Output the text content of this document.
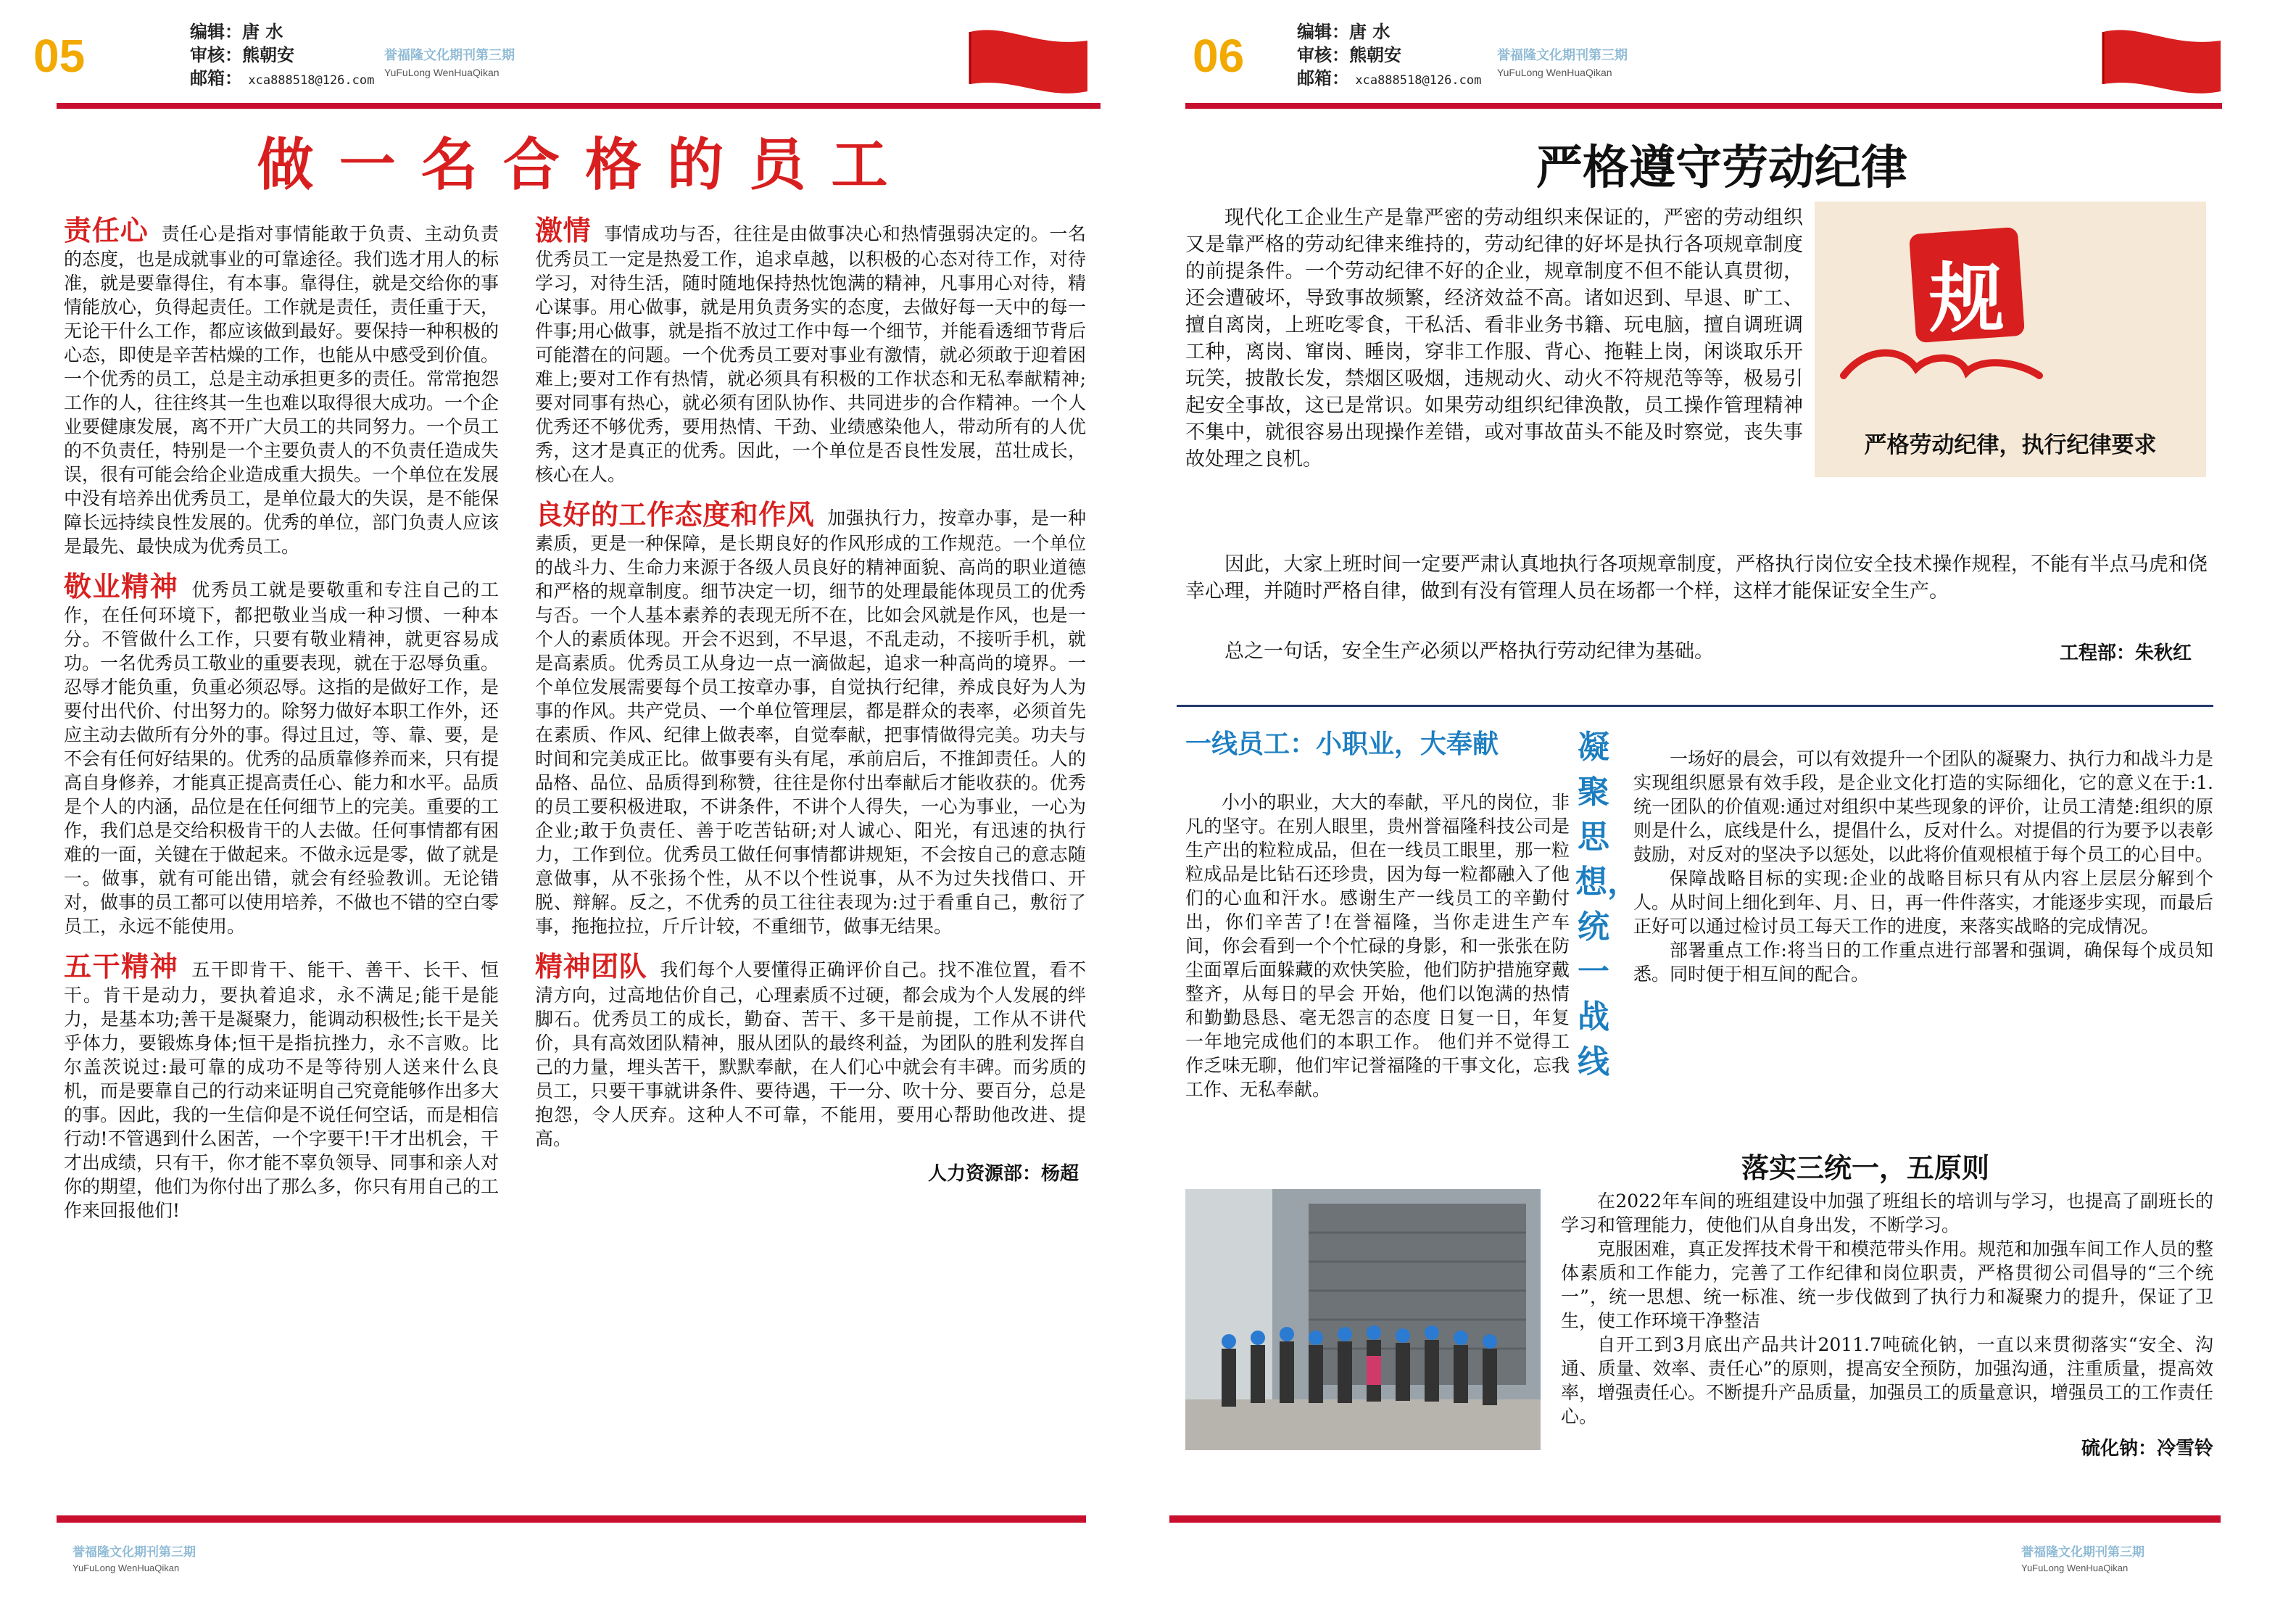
05	编辑：唐 水
审核：熊朝安
邮箱： xca888518@126.com
誉福隆文化期刊第三期
YuFuLong WenHuaQikan
做 一 名 合 格 的 员 工
责任心 责任心是指对事情能敢于负责、主动负责的态度，也是成就事业的可靠途径。我们选才用人的标准，就是要靠得住，有本事。靠得住，就是交给你的事情能放心，负得起责任。工作就是责任，责任重于天，无论干什么工作，都应该做到最好。要保持一种积极的心态，即使是辛苦枯燥的工作，也能从中感受到价值。一个优秀的员工，总是主动承担更多的责任。常常抱怨工作的人，往往终其一生也难以取得很大成功。一个企业要健康发展，离不开广大员工的共同努力。一个员工的不负责任，特别是一个主要负责人的不负责任造成失误，很有可能会给企业造成重大损失。一个单位在发展中没有培养出优秀员工，是单位最大的失误，是不能保障长远持续良性发展的。优秀的单位，部门负责人应该是最先、最快成为优秀员工。
敬业精神 优秀员工就是要敬重和专注自己的工作，在任何环境下，都把敬业当成一种习惯、一种本分。不管做什么工作，只要有敬业精神，就更容易成功。一名优秀员工敬业的重要表现，就在于忍辱负重。忍辱才能负重，负重必须忍辱。这指的是做好工作，是要付出代价、付出努力的。除努力做好本职工作外，还应主动去做所有分外的事。得过且过，等、靠、要，是不会有任何好结果的。优秀的品质靠修养而来，只有提高自身修养，才能真正提高责任心、能力和水平。品质是个人的内涵，品位是在任何细节上的完美。重要的工作，我们总是交给积极肯干的人去做。任何事情都有困难的一面，关键在于做起来。不做永远是零，做了就是一。做事，就有可能出错，就会有经验教训。无论错对，做事的员工都可以使用培养，不做也不错的空白零员工，永远不能使用。
五干精神 五干即肯干、能干、善干、长干、恒干。肯干是动力，要执着追求，永不满足;能干是能力，是基本功;善干是凝聚力，能调动积极性;长干是关乎体力，要锻炼身体;恒干是指抗挫力，永不言败。比尔盖茨说过:最可靠的成功不是等待别人送来什么良机，而是要靠自己的行动来证明自己究竟能够作出多大的事。因此，我的一生信仰是不说任何空话，而是相信行动!不管遇到什么困苦，一个字要干!干才出机会，干才出成绩，只有干，你才能不辜负领导、同事和亲人对你的期望，他们为你付出了那么多，你只有用自己的工作来回报他们!
激情 事情成功与否，往往是由做事决心和热情强弱决定的。一名优秀员工一定是热爱工作，追求卓越，以积极的心态对待工作，对待学习，对待生活，随时随地保持热忱饱满的精神，凡事用心对待，精心谋事。用心做事，就是用负责务实的态度，去做好每一天中的每一件事;用心做事，就是指不放过工作中每一个细节，并能看透细节背后可能潜在的问题。一个优秀员工要对事业有激情，就必须敢于迎着困难上;要对工作有热情，就必须具有积极的工作状态和无私奉献精神;要对同事有热心，就必须有团队协作、共同进步的合作精神。一个人优秀还不够优秀，要用热情、干劲、业绩感染他人，带动所有的人优秀，这才是真正的优秀。因此，一个单位是否良性发展，茁壮成长，核心在人。
良好的工作态度和作风 加强执行力，按章办事，是一种素质，更是一种保障，是长期良好的作风形成的工作规范。一个单位的战斗力、生命力来源于各级人员良好的精神面貌、高尚的职业道德和严格的规章制度。细节决定一切，细节的处理最能体现员工的优秀与否。一个人基本素养的表现无所不在，比如会风就是作风，也是一个人的素质体现。开会不迟到，不早退，不乱走动，不接听手机，就是高素质。优秀员工从身边一点一滴做起，追求一种高尚的境界。一个单位发展需要每个员工按章办事，自觉执行纪律，养成良好为人为事的作风。共产党员、一个单位管理层，都是群众的表率，必须首先在素质、作风、纪律上做表率，自觉奉献，把事情做得完美。功夫与时间和完美成正比。做事要有头有尾，承前启后，不推卸责任。人的品格、品位、品质得到称赞，往往是你付出奉献后才能收获的。优秀的员工要积极进取，不讲条件，不讲个人得失，一心为事业，一心为企业;敢于负责任、善于吃苦钻研;对人诚心、阳光，有迅速的执行力，工作到位。优秀员工做任何事情都讲规矩，不会按自己的意志随意做事，从不张扬个性，从不以个性说事，从不为过失找借口、开脱、辩解。反之，不优秀的员工往往表现为:过于看重自己，敷衍了事，拖拖拉拉，斤斤计较，不重细节，做事无结果。
精神团队 我们每个人要懂得正确评价自己。找不准位置，看不清方向，过高地估价自己，心理素质不过硬，都会成为个人发展的绊脚石。优秀员工的成长，勤奋、苦干、多干是前提，工作从不讲代价，具有高效团队精神，服从团队的最终利益，为团队的胜利发挥自己的力量，埋头苦干，默默奉献，在人们心中就会有丰碑。而劣质的员工，只要干事就讲条件、要待遇，干一分、吹十分、要百分，总是抱怨，令人厌弃。这种人不可靠，不能用，要用心帮助他改进、提高。
人力资源部：杨超
誉福隆文化期刊第三期
YuFuLong WenHuaQikan
06	编辑：唐 水
审核：熊朝安
邮箱： xca888518@126.com
誉福隆文化期刊第三期
YuFuLong WenHuaQikan
严格遵守劳动纪律
规
严格劳动纪律，执行纪律要求
现代化工企业生产是靠严密的劳动组织来保证的，严密的劳动组织又是靠严格的劳动纪律来维持的，劳动纪律的好坏是执行各项规章制度的前提条件。一个劳动纪律不好的企业，规章制度不但不能认真贯彻，还会遭破坏，导致事故频繁，经济效益不高。诸如迟到、早退、旷工、擅自离岗，上班吃零食，干私活、看非业务书籍、玩电脑，擅自调班调工种，离岗、窜岗、睡岗，穿非工作服、背心、拖鞋上岗，闲谈取乐开玩笑，披散长发，禁烟区吸烟，违规动火、动火不符规范等等，极易引起安全事故，这已是常识。如果劳动组织纪律涣散，员工操作管理精神不集中，就很容易出现操作差错，或对事故苗头不能及时察觉，丧失事故处理之良机。
因此，大家上班时间一定要严肃认真地执行各项规章制度，严格执行岗位安全技术操作规程，不能有半点马虎和侥幸心理，并随时严格自律，做到有没有管理人员在场都一个样，这样才能保证安全生产。
总之一句话，安全生产必须以严格执行劳动纪律为基础。	工程部：朱秋红
一线员工：小职业，大奉献
小小的职业，大大的奉献，平凡的岗位，非凡的坚守。在别人眼里，贵州誉福隆科技公司是生产出的粒粒成品，但在一线员工眼里，那一粒粒成品是比钻石还珍贵，因为每一粒都融入了他们的心血和汗水。感谢生产一线员工的辛勤付出，你们辛苦了!在誉福隆，当你走进生产车间，你会看到一个个忙碌的身影，和一张张在防尘面罩后面躲藏的欢快笑脸，他们防护措施穿戴整齐，从每日的早会 开始，他们以饱满的热情和勤勤恳恳、毫无怨言的态度 日复一日，年复一年地完成他们的本职工作。 他们并不觉得工作乏味无聊，他们牢记誉福隆的干事文化，忘我工作、无私奉献。
凝聚思想，统一战线
一场好的晨会，可以有效提升一个团队的凝聚力、执行力和战斗力是实现组织愿景有效手段，是企业文化打造的实际细化，它的意义在于:1.统一团队的价值观:通过对组织中某些现象的评价，让员工清楚:组织的原则是什么，底线是什么，提倡什么，反对什么。对提倡的行为要予以表彰鼓励，对反对的坚决予以惩处，以此将价值观根植于每个员工的心目中。
保障战略目标的实现:企业的战略目标只有从内容上层层分解到个人。从时间上细化到年、月、日，再一件件落实，才能逐步实现，而最后正好可以通过检讨员工每天工作的进度，来落实战略的完成情况。
部署重点工作:将当日的工作重点进行部署和强调，确保每个成员知悉。同时便于相互间的配合。
落实三统一，五原则
在2022年车间的班组建设中加强了班组长的培训与学习，也提高了副班长的学习和管理能力，使他们从自身出发，不断学习。
克服困难，真正发挥技术骨干和模范带头作用。规范和加强车间工作人员的整体素质和工作能力，完善了工作纪律和岗位职责，严格贯彻公司倡导的“三个统一”，统一思想、统一标准、统一步伐做到了执行力和凝聚力的提升，保证了卫生，使工作环境干净整洁
自开工到3月底出产品共计2011.7吨硫化钠，一直以来贯彻落实“安全、沟通、质量、效率、责任心”的原则，提高安全预防，加强沟通，注重质量，提高效率，增强责任心。不断提升产品质量，加强员工的质量意识，增强员工的工作责任心。
硫化钠：冷雪铃
誉福隆文化期刊第三期
YuFuLong WenHuaQikan
